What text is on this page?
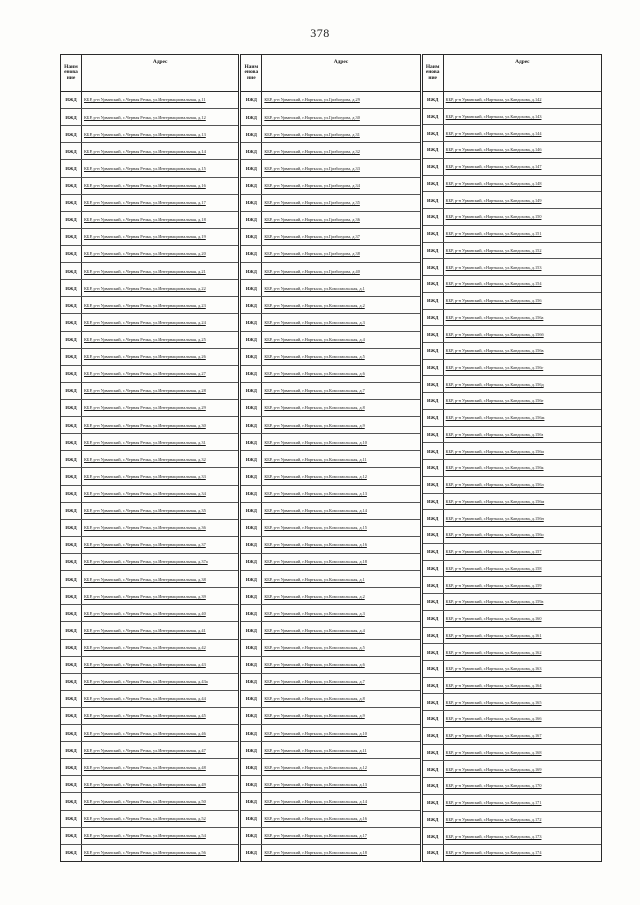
378
Наим
енова
ние
Адрес
ИЖД	КБР, р-н Урванский, с.Черная Речка, ул.Интернациональная, д.11
ИЖД	КБР, р-н Урванский, с.Черная Речка, ул.Интернациональная, д.12
ИЖД	КБР, р-н Урванский, с.Черная Речка, ул.Интернациональная, д.13
ИЖД	КБР, р-н Урванский, с.Черная Речка, ул.Интернациональная, д.14
ИЖД	КБР, р-н Урванский, с.Черная Речка, ул.Интернациональная, д.15
ИЖД	КБР, р-н Урванский, с.Черная Речка, ул.Интернациональная, д.16
ИЖД	КБР, р-н Урванский, с.Черная Речка, ул.Интернациональная, д.17
ИЖД	КБР, р-н Урванский, с.Черная Речка, ул.Интернациональная, д.18
ИЖД	КБР, р-н Урванский, с.Черная Речка, ул.Интернациональная, д.19
ИЖД	КБР, р-н Урванский, с.Черная Речка, ул.Интернациональная, д.20
ИЖД	КБР, р-н Урванский, с.Черная Речка, ул.Интернациональная, д.21
ИЖД	КБР, р-н Урванский, с.Черная Речка, ул.Интернациональная, д.22
ИЖД	КБР, р-н Урванский, с.Черная Речка, ул.Интернациональная, д.23
ИЖД	КБР, р-н Урванский, с.Черная Речка, ул.Интернациональная, д.24
ИЖД	КБР, р-н Урванский, с.Черная Речка, ул.Интернациональная, д.25
ИЖД	КБР, р-н Урванский, с.Черная Речка, ул.Интернациональная, д.26
ИЖД	КБР, р-н Урванский, с.Черная Речка, ул.Интернациональная, д.27
ИЖД	КБР, р-н Урванский, с.Черная Речка, ул.Интернациональная, д.28
ИЖД	КБР, р-н Урванский, с.Черная Речка, ул.Интернациональная, д.29
ИЖД	КБР, р-н Урванский, с.Черная Речка, ул.Интернациональная, д.30
ИЖД	КБР, р-н Урванский, с.Черная Речка, ул.Интернациональная, д.31
ИЖД	КБР, р-н Урванский, с.Черная Речка, ул.Интернациональная, д.32
ИЖД	КБР, р-н Урванский, с.Черная Речка, ул.Интернациональная, д.33
ИЖД	КБР, р-н Урванский, с.Черная Речка, ул.Интернациональная, д.34
ИЖД	КБР, р-н Урванский, с.Черная Речка, ул.Интернациональная, д.35
ИЖД	КБР, р-н Урванский, с.Черная Речка, ул.Интернациональная, д.36
ИЖД	КБР, р-н Урванский, с.Черная Речка, ул.Интернациональная, д.37
ИЖД	КБР, р-н Урванский, с.Черная Речка, ул.Интернациональная, д.37а
ИЖД	КБР, р-н Урванский, с.Черная Речка, ул.Интернациональная, д.38
ИЖД	КБР, р-н Урванский, с.Черная Речка, ул.Интернациональная, д.39
ИЖД	КБР, р-н Урванский, с.Черная Речка, ул.Интернациональная, д.40
ИЖД	КБР, р-н Урванский, с.Черная Речка, ул.Интернациональная, д.41
ИЖД	КБР, р-н Урванский, с.Черная Речка, ул.Интернациональная, д.42
ИЖД	КБР, р-н Урванский, с.Черная Речка, ул.Интернациональная, д.43
ИЖД	КБР, р-н Урванский, с.Черная Речка, ул.Интернациональная, д.43а
ИЖД	КБР, р-н Урванский, с.Черная Речка, ул.Интернациональная, д.44
ИЖД	КБР, р-н Урванский, с.Черная Речка, ул.Интернациональная, д.45
ИЖД	КБР, р-н Урванский, с.Черная Речка, ул.Интернациональная, д.46
ИЖД	КБР, р-н Урванский, с.Черная Речка, ул.Интернациональная, д.47
ИЖД	КБР, р-н Урванский, с.Черная Речка, ул.Интернациональная, д.48
ИЖД	КБР, р-н Урванский, с.Черная Речка, ул.Интернациональная, д.49
ИЖД	КБР, р-н Урванский, с.Черная Речка, ул.Интернациональная, д.50
ИЖД	КБР, р-н Урванский, с.Черная Речка, ул.Интернациональная, д.52
ИЖД	КБР, р-н Урванский, с.Черная Речка, ул.Интернациональная, д.54
ИЖД	КБР, р-н Урванский, с.Черная Речка, ул.Интернациональная, д.56
Наим
енова
ние
Адрес
ИЖД	КБР, р-н Урванский, г.Нарткала, ул.Грибоедова, д.29
ИЖД	КБР, р-н Урванский, г.Нарткала, ул.Грибоедова, д.30
ИЖД	КБР, р-н Урванский, г.Нарткала, ул.Грибоедова, д.31
ИЖД	КБР, р-н Урванский, г.Нарткала, ул.Грибоедова, д.32
ИЖД	КБР, р-н Урванский, г.Нарткала, ул.Грибоедова, д.33
ИЖД	КБР, р-н Урванский, г.Нарткала, ул.Грибоедова, д.34
ИЖД	КБР, р-н Урванский, г.Нарткала, ул.Грибоедова, д.35
ИЖД	КБР, р-н Урванский, г.Нарткала, ул.Грибоедова, д.36
ИЖД	КБР, р-н Урванский, г.Нарткала, ул.Грибоедова, д.37
ИЖД	КБР, р-н Урванский, г.Нарткала, ул.Грибоедова, д.38
ИЖД	КБР, р-н Урванский, г.Нарткала, ул.Грибоедова, д.40
ИЖД	КБР, р-н Урванский, г.Нарткала, ул.Комсомольская, д.1
ИЖД	КБР, р-н Урванский, г.Нарткала, ул.Комсомольская, д.2
ИЖД	КБР, р-н Урванский, г.Нарткала, ул.Комсомольская, д.3
ИЖД	КБР, р-н Урванский, г.Нарткала, ул.Комсомольская, д.4
ИЖД	КБР, р-н Урванский, г.Нарткала, ул.Комсомольская, д.5
ИЖД	КБР, р-н Урванский, г.Нарткала, ул.Комсомольская, д.6
ИЖД	КБР, р-н Урванский, г.Нарткала, ул.Комсомольская, д.7
ИЖД	КБР, р-н Урванский, г.Нарткала, ул.Комсомольская, д.8
ИЖД	КБР, р-н Урванский, г.Нарткала, ул.Комсомольская, д.9
ИЖД	КБР, р-н Урванский, г.Нарткала, ул.Комсомольская, д.10
ИЖД	КБР, р-н Урванский, г.Нарткала, ул.Комсомольская, д.11
ИЖД	КБР, р-н Урванский, г.Нарткала, ул.Комсомольская, д.12
ИЖД	КБР, р-н Урванский, г.Нарткала, ул.Комсомольская, д.13
ИЖД	КБР, р-н Урванский, г.Нарткала, ул.Комсомольская, д.14
ИЖД	КБР, р-н Урванский, г.Нарткала, ул.Комсомольская, д.15
ИЖД	КБР, р-н Урванский, г.Нарткала, ул.Комсомольская, д.16
ИЖД	КБР, р-н Урванский, г.Нарткала, ул.Комсомольская, д.18
ИЖД	КБР, р-н Урванский, г.Нарткала, ул.Комсомольская, д.1
ИЖД	КБР, р-н Урванский, г.Нарткала, ул.Комсомольская, д.2
ИЖД	КБР, р-н Урванский, г.Нарткала, ул.Комсомольская, д.3
ИЖД	КБР, р-н Урванский, г.Нарткала, ул.Комсомольская, д.4
ИЖД	КБР, р-н Урванский, г.Нарткала, ул.Комсомольская, д.5
ИЖД	КБР, р-н Урванский, г.Нарткала, ул.Комсомольская, д.6
ИЖД	КБР, р-н Урванский, г.Нарткала, ул.Комсомольская, д.7
ИЖД	КБР, р-н Урванский, г.Нарткала, ул.Комсомольская, д.8
ИЖД	КБР, р-н Урванский, г.Нарткала, ул.Комсомольская, д.9
ИЖД	КБР, р-н Урванский, г.Нарткала, ул.Комсомольская, д.10
ИЖД	КБР, р-н Урванский, г.Нарткала, ул.Комсомольская, д.11
ИЖД	КБР, р-н Урванский, г.Нарткала, ул.Комсомольская, д.12
ИЖД	КБР, р-н Урванский, г.Нарткала, ул.Комсомольская, д.13
ИЖД	КБР, р-н Урванский, г.Нарткала, ул.Комсомольская, д.14
ИЖД	КБР, р-н Урванский, г.Нарткала, ул.Комсомольская, д.16
ИЖД	КБР, р-н Урванский, г.Нарткала, ул.Комсомольская, д.17
ИЖД	КБР, р-н Урванский, г.Нарткала, ул.Комсомольская, д.18
Наим
енова
ние
Адрес
ИЖД	КБР, р-н Урванский, г.Нарткала, ул.Кандохова, д.142
ИЖД	КБР, р-н Урванский, г.Нарткала, ул.Кандохова, д.143
ИЖД	КБР, р-н Урванский, г.Нарткала, ул.Кандохова, д.144
ИЖД	КБР, р-н Урванский, г.Нарткала, ул.Кандохова, д.146
ИЖД	КБР, р-н Урванский, г.Нарткала, ул.Кандохова, д.147
ИЖД	КБР, р-н Урванский, г.Нарткала, ул.Кандохова, д.148
ИЖД	КБР, р-н Урванский, г.Нарткала, ул.Кандохова, д.149
ИЖД	КБР, р-н Урванский, г.Нарткала, ул.Кандохова, д.150
ИЖД	КБР, р-н Урванский, г.Нарткала, ул.Кандохова, д.151
ИЖД	КБР, р-н Урванский, г.Нарткала, ул.Кандохова, д.152
ИЖД	КБР, р-н Урванский, г.Нарткала, ул.Кандохова, д.153
ИЖД	КБР, р-н Урванский, г.Нарткала, ул.Кандохова, д.154
ИЖД	КБР, р-н Урванский, г.Нарткала, ул.Кандохова, д.156
ИЖД	КБР, р-н Урванский, г.Нарткала, ул.Кандохова, д.156а
ИЖД	КБР, р-н Урванский, г.Нарткала, ул.Кандохова, д.156б
ИЖД	КБР, р-н Урванский, г.Нарткала, ул.Кандохова, д.156в
ИЖД	КБР, р-н Урванский, г.Нарткала, ул.Кандохова, д.156г
ИЖД	КБР, р-н Урванский, г.Нарткала, ул.Кандохова, д.156д
ИЖД	КБР, р-н Урванский, г.Нарткала, ул.Кандохова, д.156е
ИЖД	КБР, р-н Урванский, г.Нарткала, ул.Кандохова, д.156ж
ИЖД	КБР, р-н Урванский, г.Нарткала, ул.Кандохова, д.156з
ИЖД	КБР, р-н Урванский, г.Нарткала, ул.Кандохова, д.156и
ИЖД	КБР, р-н Урванский, г.Нарткала, ул.Кандохова, д.156к
ИЖД	КБР, р-н Урванский, г.Нарткала, ул.Кандохова, д.156л
ИЖД	КБР, р-н Урванский, г.Нарткала, ул.Кандохова, д.156м
ИЖД	КБР, р-н Урванский, г.Нарткала, ул.Кандохова, д.156н
ИЖД	КБР, р-н Урванский, г.Нарткала, ул.Кандохова, д.156о
ИЖД	КБР, р-н Урванский, г.Нарткала, ул.Кандохова, д.157
ИЖД	КБР, р-н Урванский, г.Нарткала, ул.Кандохова, д.158
ИЖД	КБР, р-н Урванский, г.Нарткала, ул.Кандохова, д.159
ИЖД	КБР, р-н Урванский, г.Нарткала, ул.Кандохова, д.159а
ИЖД	КБР, р-н Урванский, г.Нарткала, ул.Кандохова, д.160
ИЖД	КБР, р-н Урванский, г.Нарткала, ул.Кандохова, д.161
ИЖД	КБР, р-н Урванский, г.Нарткала, ул.Кандохова, д.162
ИЖД	КБР, р-н Урванский, г.Нарткала, ул.Кандохова, д.163
ИЖД	КБР, р-н Урванский, г.Нарткала, ул.Кандохова, д.164
ИЖД	КБР, р-н Урванский, г.Нарткала, ул.Кандохова, д.165
ИЖД	КБР, р-н Урванский, г.Нарткала, ул.Кандохова, д.166
ИЖД	КБР, р-н Урванский, г.Нарткала, ул.Кандохова, д.167
ИЖД	КБР, р-н Урванский, г.Нарткала, ул.Кандохова, д.168
ИЖД	КБР, р-н Урванский, г.Нарткала, ул.Кандохова, д.169
ИЖД	КБР, р-н Урванский, г.Нарткала, ул.Кандохова, д.170
ИЖД	КБР, р-н Урванский, г.Нарткала, ул.Кандохова, д.171
ИЖД	КБР, р-н Урванский, г.Нарткала, ул.Кандохова, д.172
ИЖД	КБР, р-н Урванский, г.Нарткала, ул.Кандохова, д.173
ИЖД	КБР, р-н Урванский, г.Нарткала, ул.Кандохова, д.174
